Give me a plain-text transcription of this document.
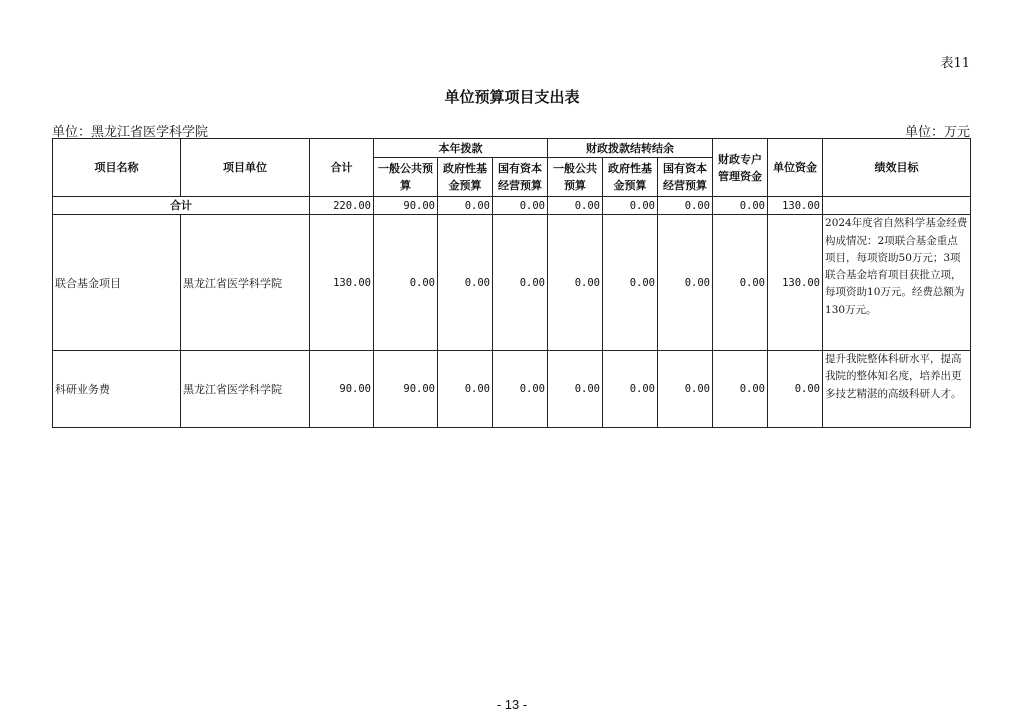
表11
单位预算项目支出表
单位：黑龙江省医学科学院	单位：万元
项目名称	项目单位	合计	本年拨款			财政拨款结转结余			财政专户管理资金	单位资金	绩效目标
			一般公共预算	政府性基金预算	国有资本经营预算	一般公共预算	政府性基金预算	国有资本经营预算			
合计		220.00	90.00	0.00	0.00	0.00	0.00	0.00	0.00	130.00	
联合基金项目	黑龙江省医学科学院	130.00	0.00	0.00	0.00	0.00	0.00	0.00	0.00	130.00	2024年度省自然科学基金经费构成情况：2项联合基金重点项目，每项资助50万元；3项联合基金培育项目获批立项，每项资助10万元。经费总额为130万元。
科研业务费	黑龙江省医学科学院	90.00	90.00	0.00	0.00	0.00	0.00	0.00	0.00	0.00	提升我院整体科研水平，提高我院的整体知名度，培养出更多技艺精湛的高级科研人才。
- 13 -
